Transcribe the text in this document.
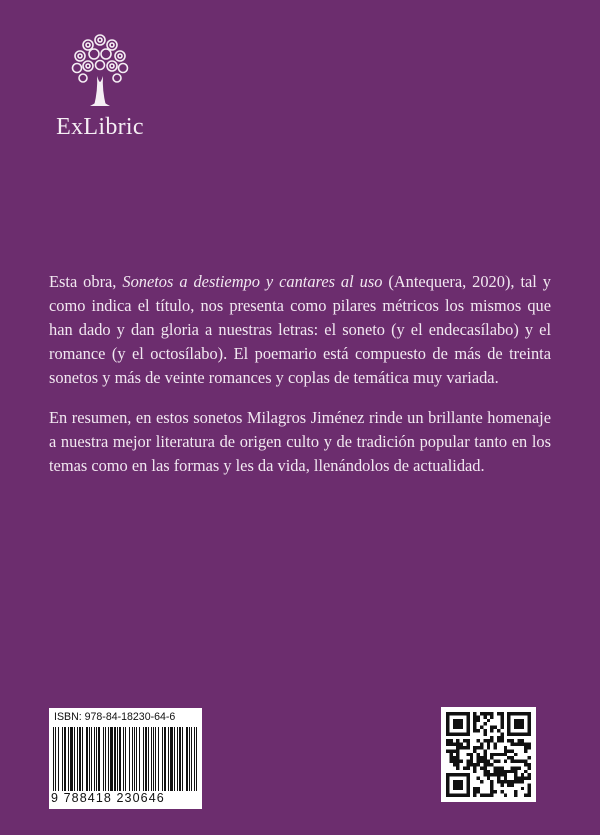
ExLibric

Esta obra, Sonetos a destiempo y cantares al uso (Antequera, 2020), tal y como indica el título, nos presenta como pilares métricos los mismos que han dado y dan gloria a nuestras letras: el soneto (y el endecasílabo) y el romance (y el octosílabo). El poemario está compuesto de más de treinta sonetos y más de veinte romances y coplas de temática muy variada.

En resumen, en estos sonetos Milagros Jiménez rinde un brillante homenaje a nuestra mejor literatura de origen culto y de tradición popular tanto en los temas como en las formas y les da vida, llenándolos de actualidad.

ISBN: 978-84-18230-64-6
9 788418 230646
